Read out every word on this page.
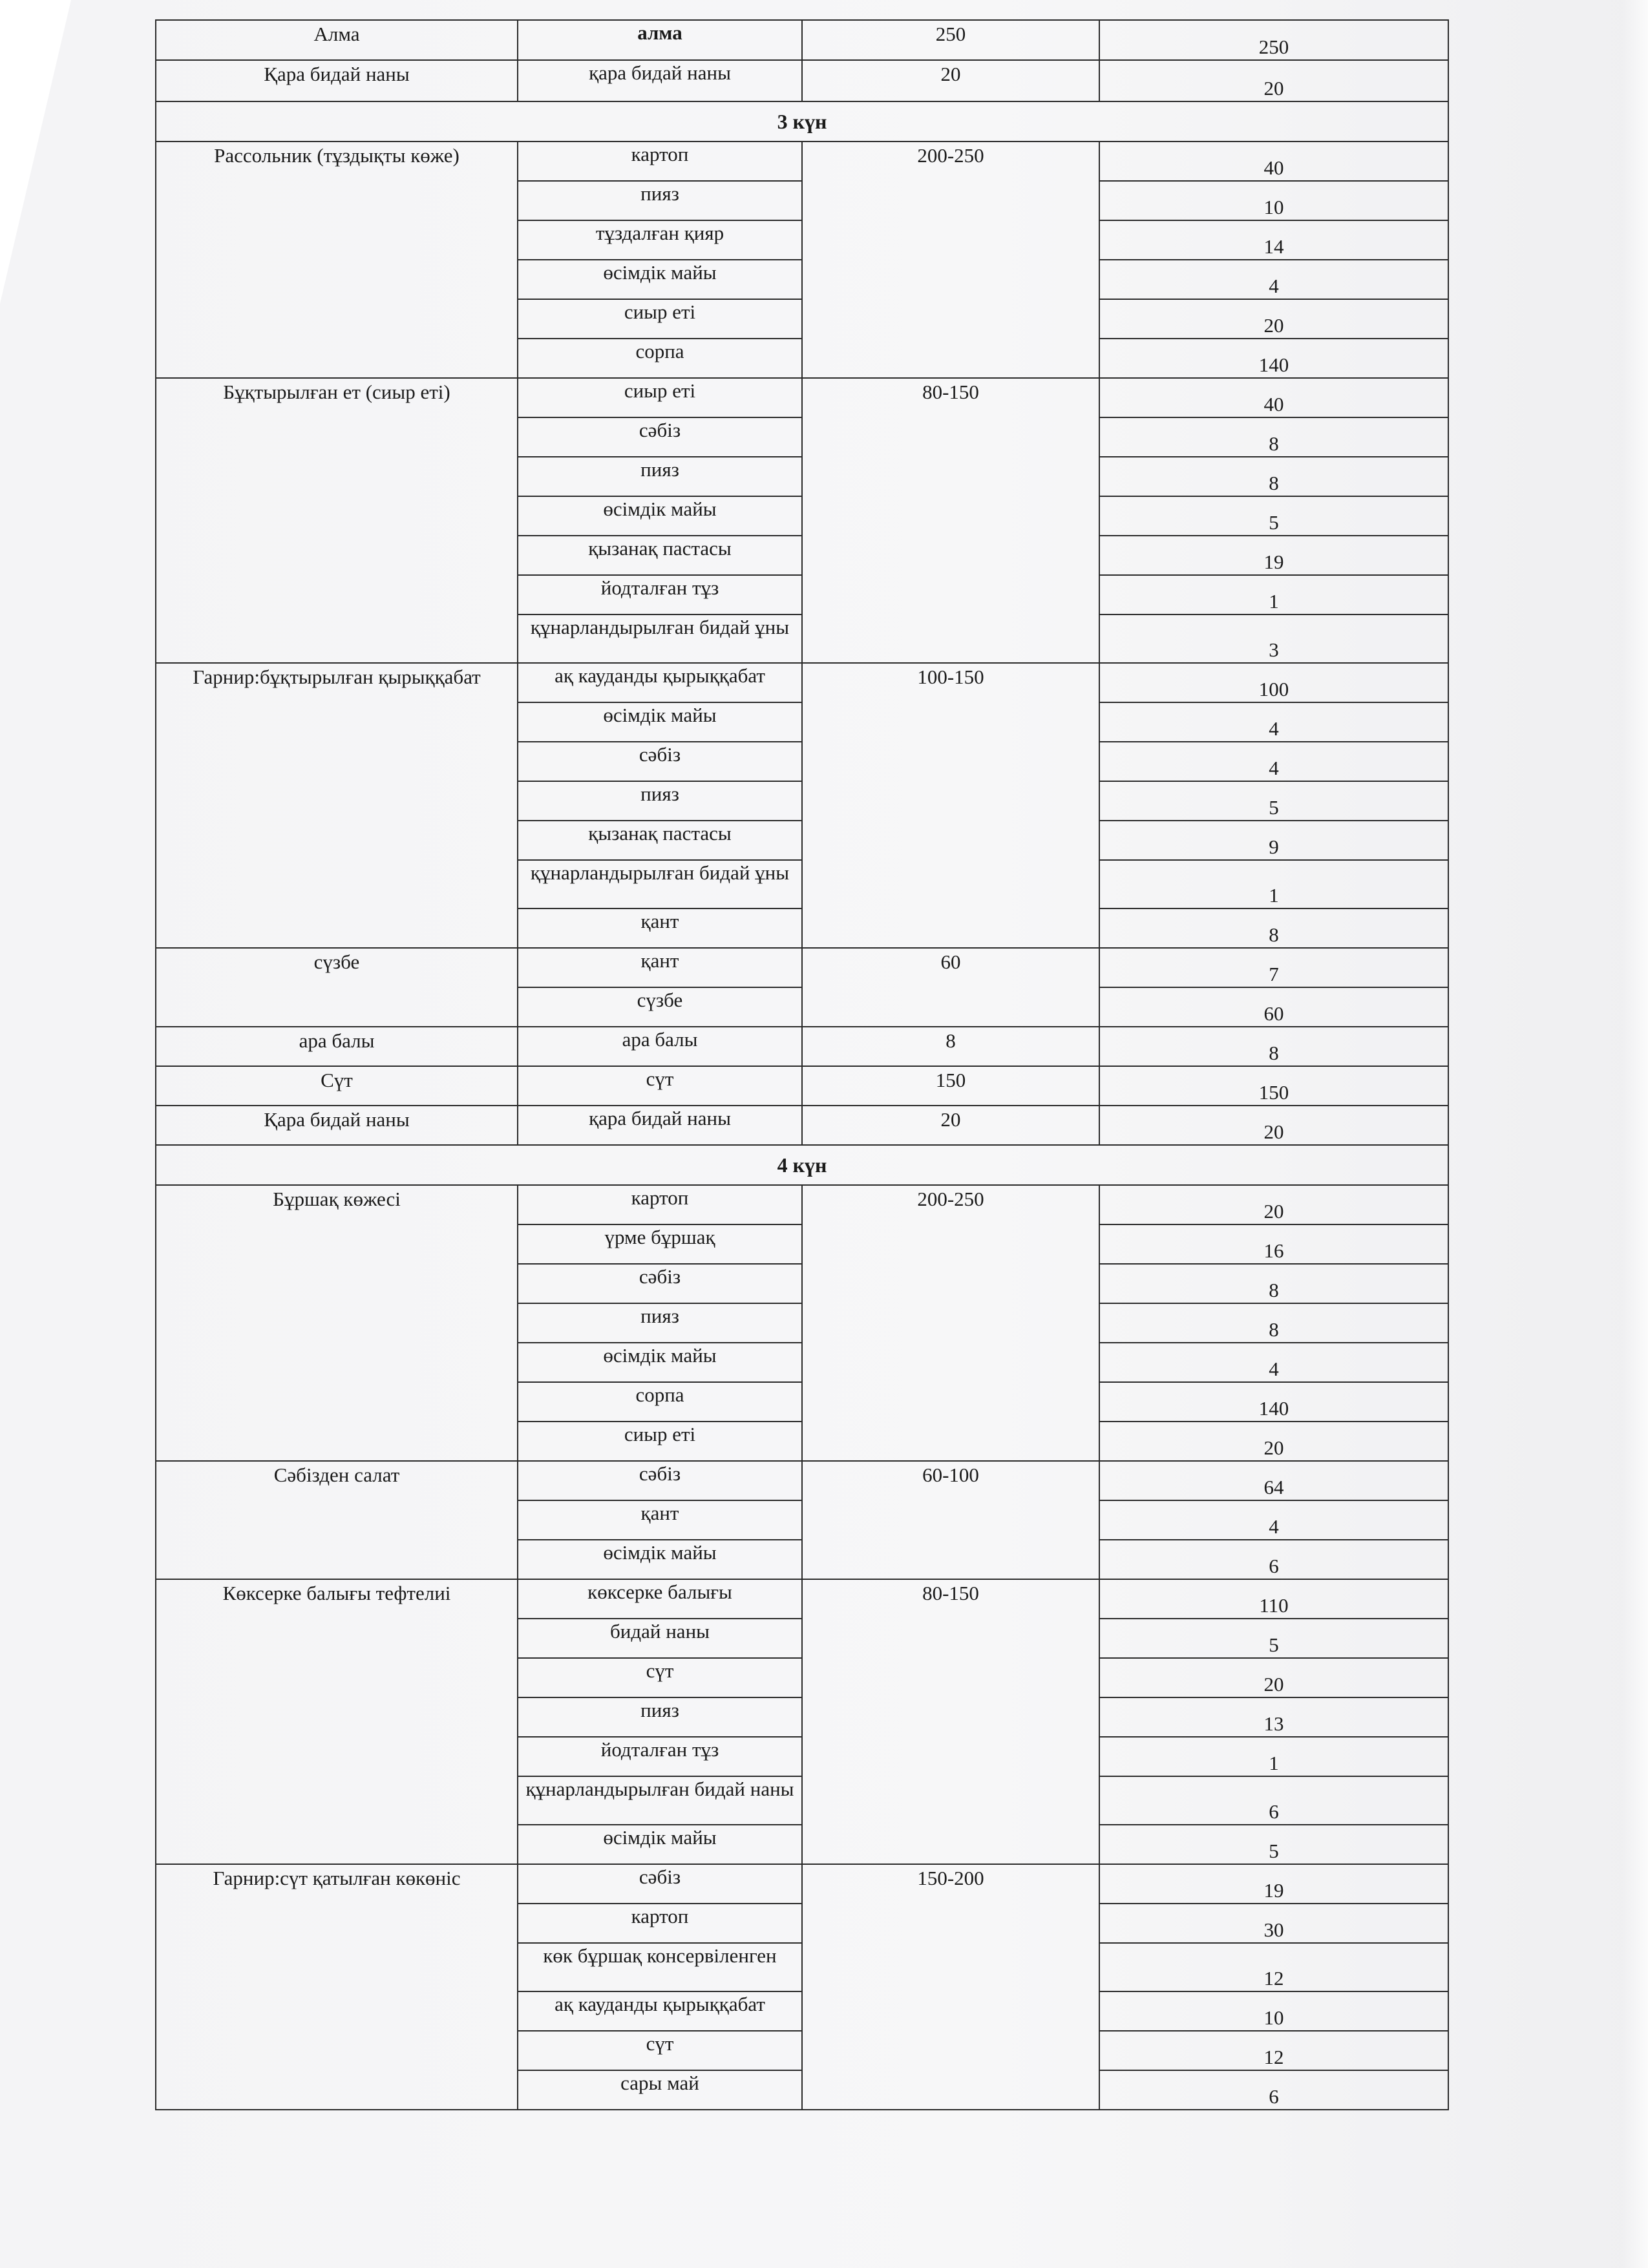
Алма	алма	250	250
Қара бидай наны	қара бидай наны	20	20
3 күн			
Рассольник (тұздықты көже)	картоп	200-250	40
	пияз		10
	тұздалған қияр		14
	өсімдік майы		4
	сиыр еті		20
	сорпа		140
Бұқтырылған ет (сиыр еті)	сиыр еті	80-150	40
	сәбіз		8
	пияз		8
	өсімдік майы		5
	қызанақ пастасы		19
	йодталған тұз		1
	құнарландырылған бидай ұны		3
Гарнир:бұқтырылған қырыққабат	ақ кауданды қырыққабат	100-150	100
	өсімдік майы		4
	сәбіз		4
	пияз		5
	қызанақ пастасы		9
	құнарландырылған бидай ұны		1
	қант		8
сүзбе	қант	60	7
	сүзбе		60
ара балы	ара балы	8	8
Сүт	сүт	150	150
Қара бидай наны	қара бидай наны	20	20
4 күн			
Бұршақ көжесі	картоп	200-250	20
	үрме бұршақ		16
	сәбіз		8
	пияз		8
	өсімдік майы		4
	сорпа		140
	сиыр еті		20
Сәбізден салат	сәбіз	60-100	64
	қант		4
	өсімдік майы		6
Көксерке балығы тефтелиі	көксерке балығы	80-150	110
	бидай наны		5
	сүт		20
	пияз		13
	йодталған тұз		1
	құнарландырылған бидай наны		6
	өсімдік майы		5
Гарнир:сүт қатылған көкөніс	сәбіз	150-200	19
	картоп		30
	көк бұршақ консервіленген		12
	ақ кауданды қырыққабат		10
	сүт		12
	сары май		6
